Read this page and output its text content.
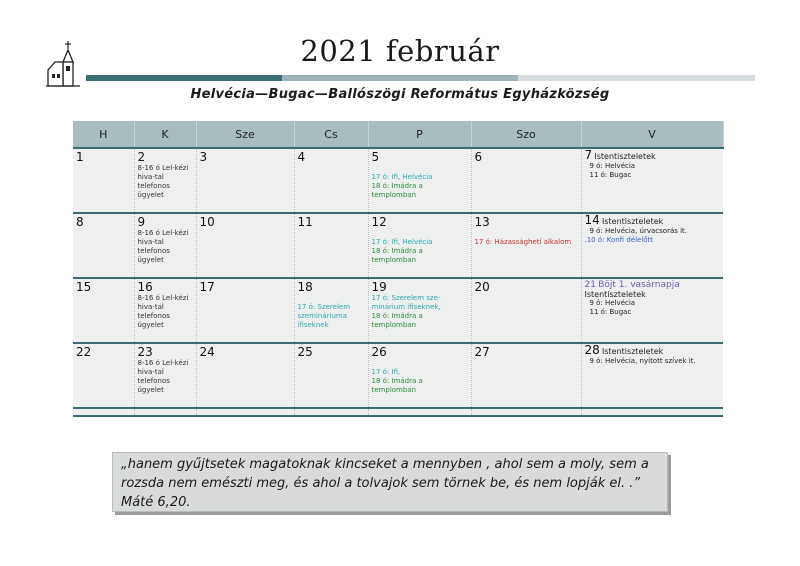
2021 február
Helvécia—Bugac—Ballószögi Református Egyházközség
H	K	Sze	Cs	P	Szo	V

1	2
8-16 ó Lel-kézi hiva-tal telefonos ügyelet	3	4	5
17 ó: Ifi, Helvécia
18 ó: Imádra a templomban	6	7 Istentiszteletek
9 ó: Helvécia
11 ó: Bugac

8	9
8-16 ó Lel-kézi hiva-tal telefonos ügyelet	10	11	12
17 ó: Ifi, Helvécia
18 ó: Imádra a templomban	13
17 ó: Házassághetí alkalom	14 Istentiszteletek
9 ó: Helvécia, úrvacsorás it.
.10 ó: Konfi délelőtt

15	16
8-16 ó Lel-kézi hiva-tal telefonos ügyelet	17	18
17 ó: Szerelem szemináriuma ifiseknek	19
17 ó: Szerelem sze-minárium ifiseknek,
18 ó: Imádra a templomban	20	21 Böjt 1. vasárnapja
Istentiszteletek
9 ó: Helvécia
11 ó: Bugac

22	23
8-16 ó Lel-kézi hiva-tal telefonos ügyelet	24	25	26
17 ó: Ifi,
18 ó: Imádra a templomban	27	28 Istentiszteletek
9 ó: Helvécia, nyitott szívek it.

„hanem gyűjtsetek magatoknak kincseket a mennyben , ahol sem a moly, sem a rozsda nem emészti meg, és ahol a tolvajok sem törnek be, és nem lopják el. .” Máté 6,20.
